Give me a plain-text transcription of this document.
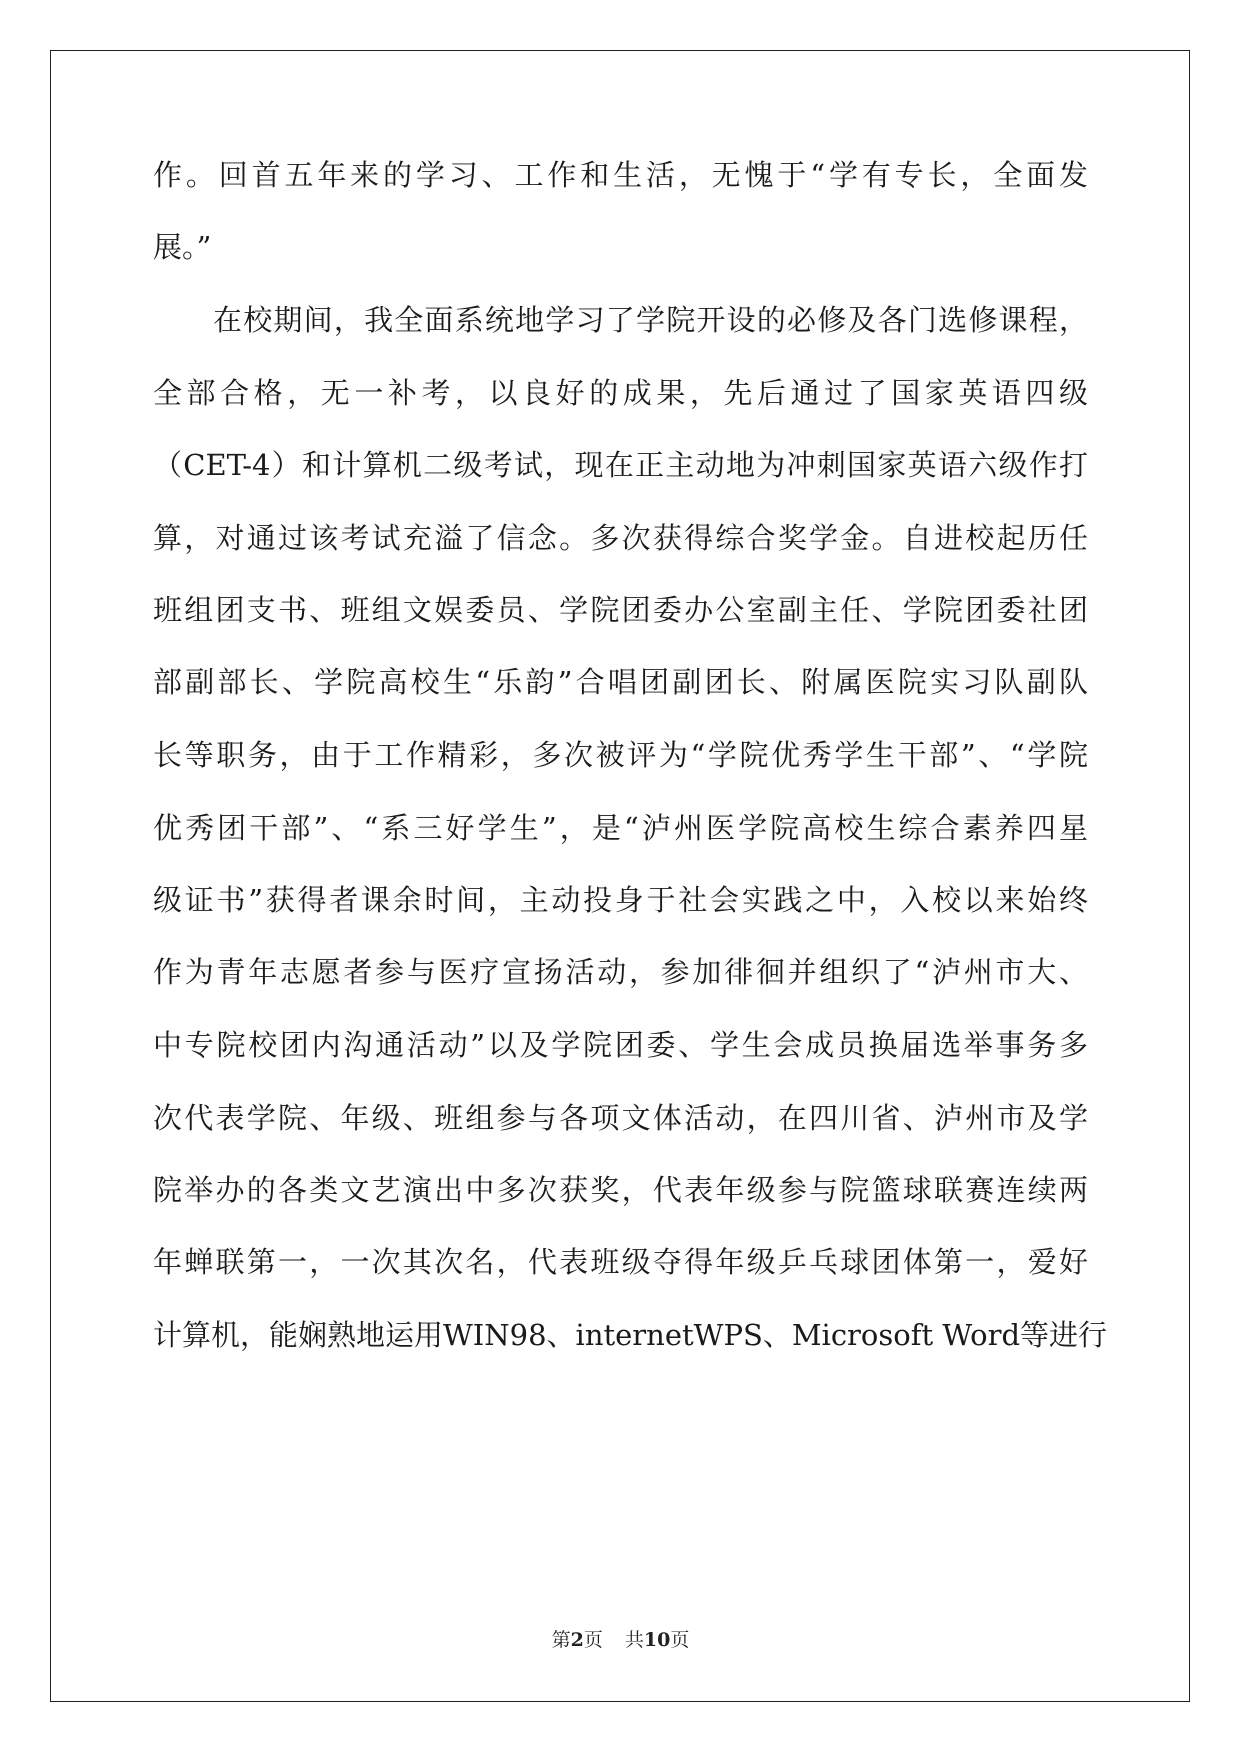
作。回首五年来的学习、工作和生活，无愧于“学有专长，全面发
展。”
在校期间，我全面系统地学习了学院开设的必修及各门选修课程，
全部合格，无一补考，以良好的成果，先后通过了国家英语四级
（CET-4）和计算机二级考试，现在正主动地为冲刺国家英语六级作打
算，对通过该考试充溢了信念。多次获得综合奖学金。自进校起历任
班组团支书、班组文娱委员、学院团委办公室副主任、学院团委社团
部副部长、学院高校生“乐韵”合唱团副团长、附属医院实习队副队
长等职务，由于工作精彩，多次被评为“学院优秀学生干部”、“学院
优秀团干部”、“系三好学生”，是“泸州医学院高校生综合素养四星
级证书”获得者课余时间，主动投身于社会实践之中，入校以来始终
作为青年志愿者参与医疗宣扬活动，参加徘徊并组织了“泸州市大、
中专院校团内沟通活动”以及学院团委、学生会成员换届选举事务多
次代表学院、年级、班组参与各项文体活动，在四川省、泸州市及学
院举办的各类文艺演出中多次获奖，代表年级参与院篮球联赛连续两
年蝉联第一，一次其次名，代表班级夺得年级乒乓球团体第一，爱好
计算机，能娴熟地运用WIN98、internetWPS、Microsoft Word等进行
第2页 共10页
